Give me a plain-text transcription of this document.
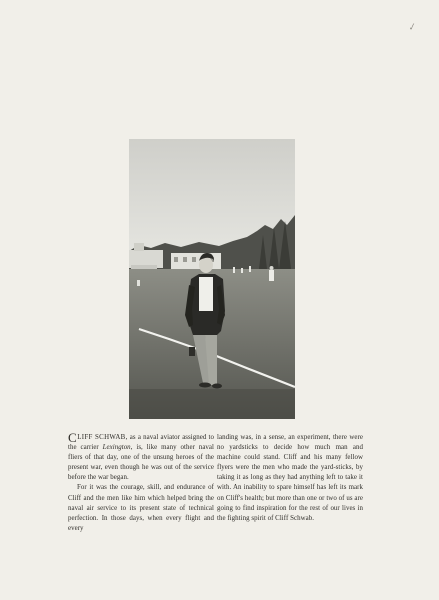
✓

CLIFF SCHWAB, as a naval aviator assigned to the carrier Lexington, is, like many other naval fliers of that day, one of the unsung heroes of the present war, even though he was out of the service before the war began.

For it was the courage, skill, and endurance of Cliff and the men like him which helped bring the naval air service to its present state of technical perfection. In those days, when every flight and every

landing was, in a sense, an experiment, there were no yardsticks to decide how much man and machine could stand. Cliff and his many fellow flyers were the men who made the yard-sticks, by taking it as long as they had anything left to take it with. An inability to spare himself has left its mark on Cliff's health; but more than one or two of us are going to find inspiration for the rest of our lives in the fighting spirit of Cliff Schwab.
